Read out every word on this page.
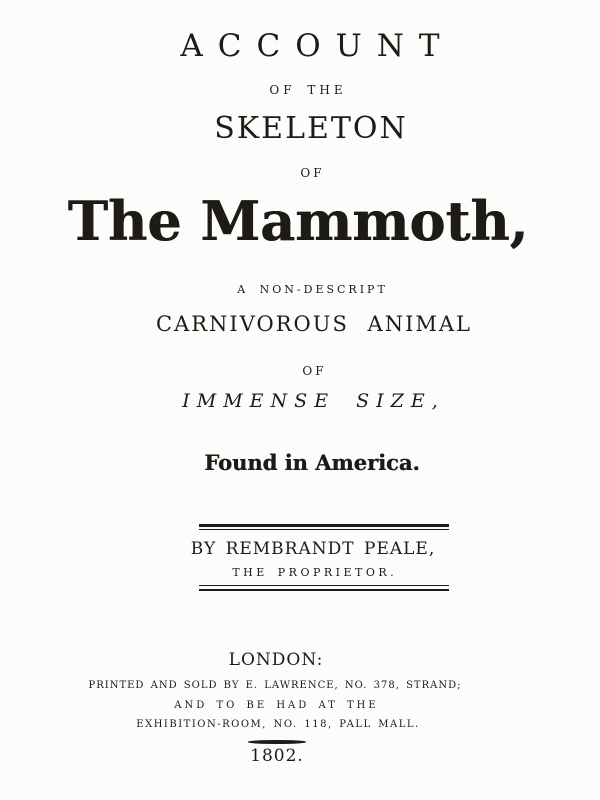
ACCOUNT
OF THE
SKELETON
OF
The Mammoth,
A NON-DESCRIPT
CARNIVOROUS ANIMAL
OF
IMMENSE SIZE,
Found in America.
BY REMBRANDT PEALE,
THE PROPRIETOR.
LONDON:
PRINTED AND SOLD BY E. LAWRENCE, NO. 378, STRAND;
AND TO BE HAD AT THE
EXHIBITION-ROOM, NO. 118, PALL MALL.
1802.
